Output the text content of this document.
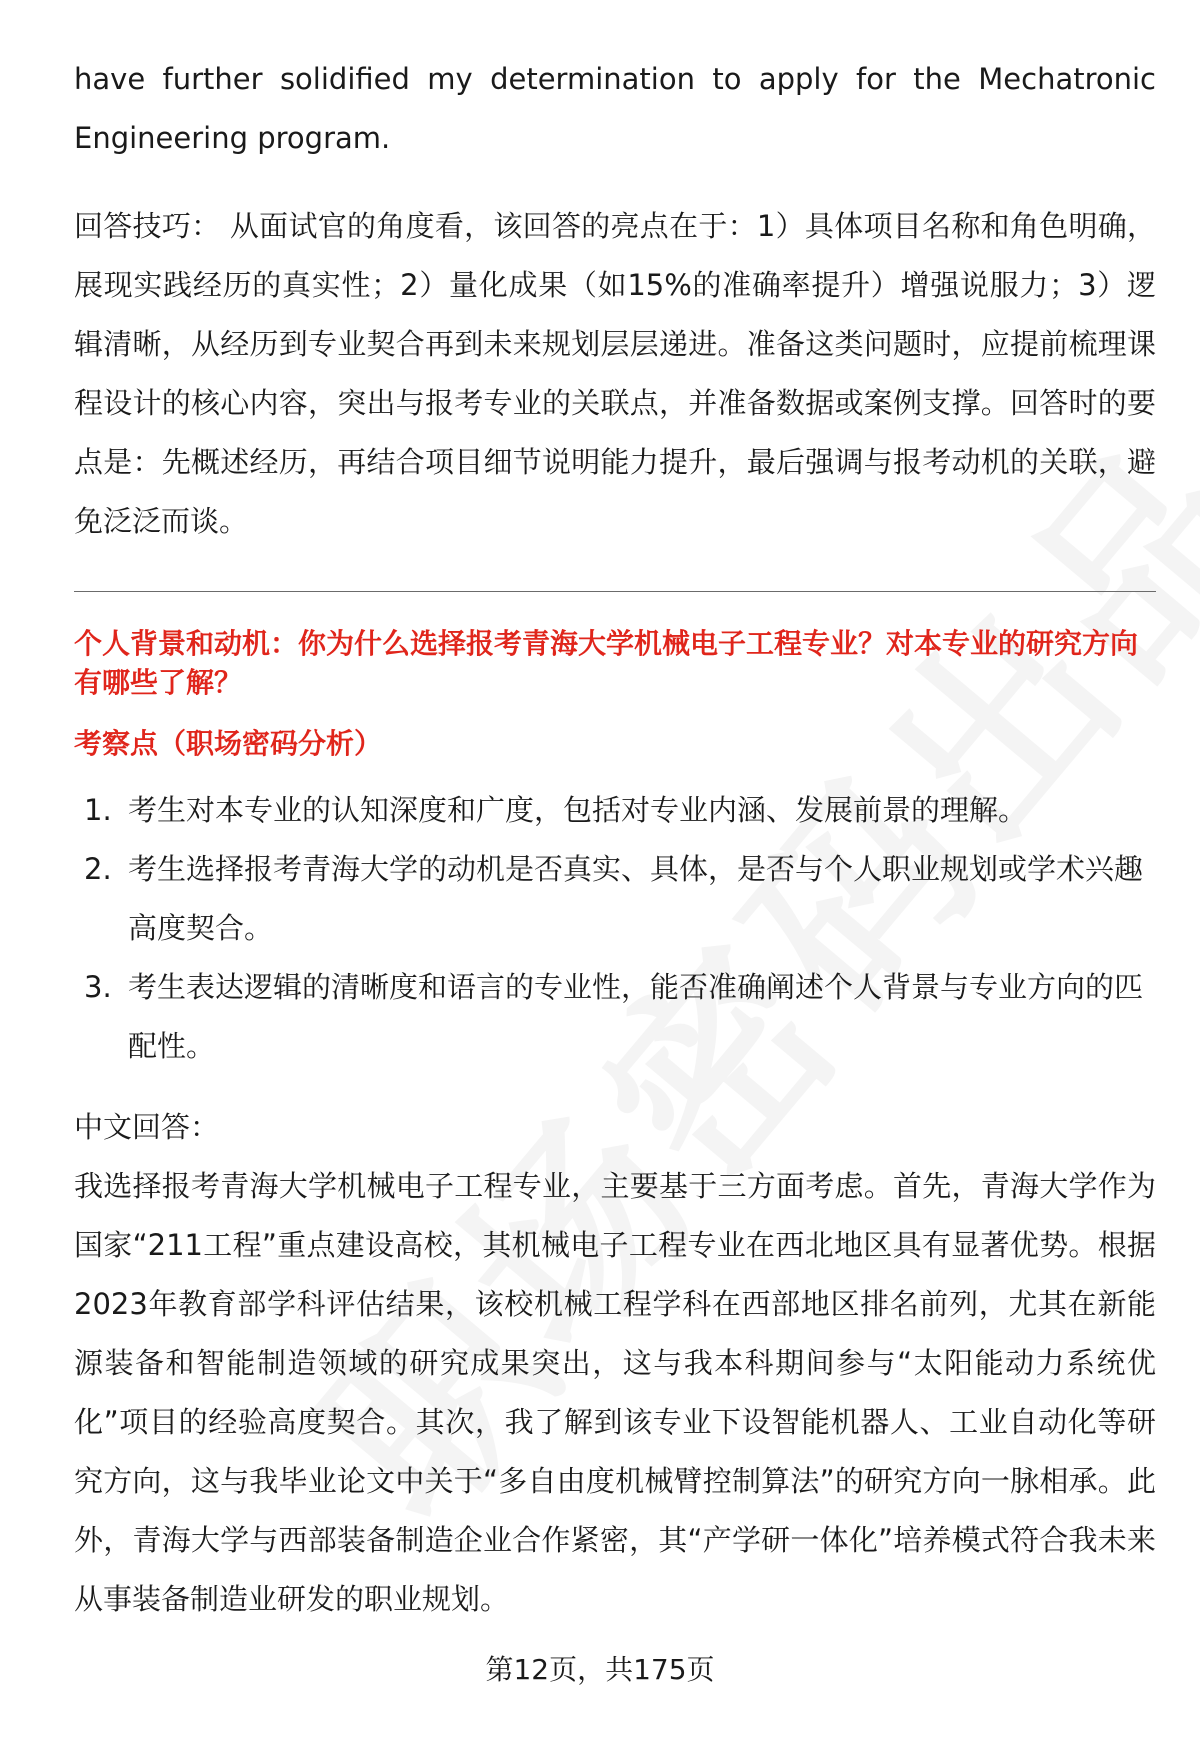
have further solidified my determination to apply for the Mechatronic Engineering program.

回答技巧： 从面试官的角度看，该回答的亮点在于：1）具体项目名称和角色明确，展现实践经历的真实性；2）量化成果（如15%的准确率提升）增强说服力；3）逻辑清晰，从经历到专业契合再到未来规划层层递进。准备这类问题时，应提前梳理课程设计的核心内容，突出与报考专业的关联点，并准备数据或案例支撑。回答时的要点是：先概述经历，再结合项目细节说明能力提升，最后强调与报考动机的关联，避免泛泛而谈。

个人背景和动机：你为什么选择报考青海大学机械电子工程专业？对本专业的研究方向有哪些了解？

考察点（职场密码分析）

1. 考生对本专业的认知深度和广度，包括对专业内涵、发展前景的理解。
2. 考生选择报考青海大学的动机是否真实、具体，是否与个人职业规划或学术兴趣高度契合。
3. 考生表达逻辑的清晰度和语言的专业性，能否准确阐述个人背景与专业方向的匹配性。

中文回答：

我选择报考青海大学机械电子工程专业，主要基于三方面考虑。首先，青海大学作为国家“211工程”重点建设高校，其机械电子工程专业在西北地区具有显著优势。根据2023年教育部学科评估结果，该校机械工程学科在西部地区排名前列，尤其在新能源装备和智能制造领域的研究成果突出，这与我本科期间参与“太阳能动力系统优化”项目的经验高度契合。其次，我了解到该专业下设智能机器人、工业自动化等研究方向，这与我毕业论文中关于“多自由度机械臂控制算法”的研究方向一脉相承。此外，青海大学与西部装备制造企业合作紧密，其“产学研一体化”培养模式符合我未来从事装备制造业研发的职业规划。

第12页，共175页
